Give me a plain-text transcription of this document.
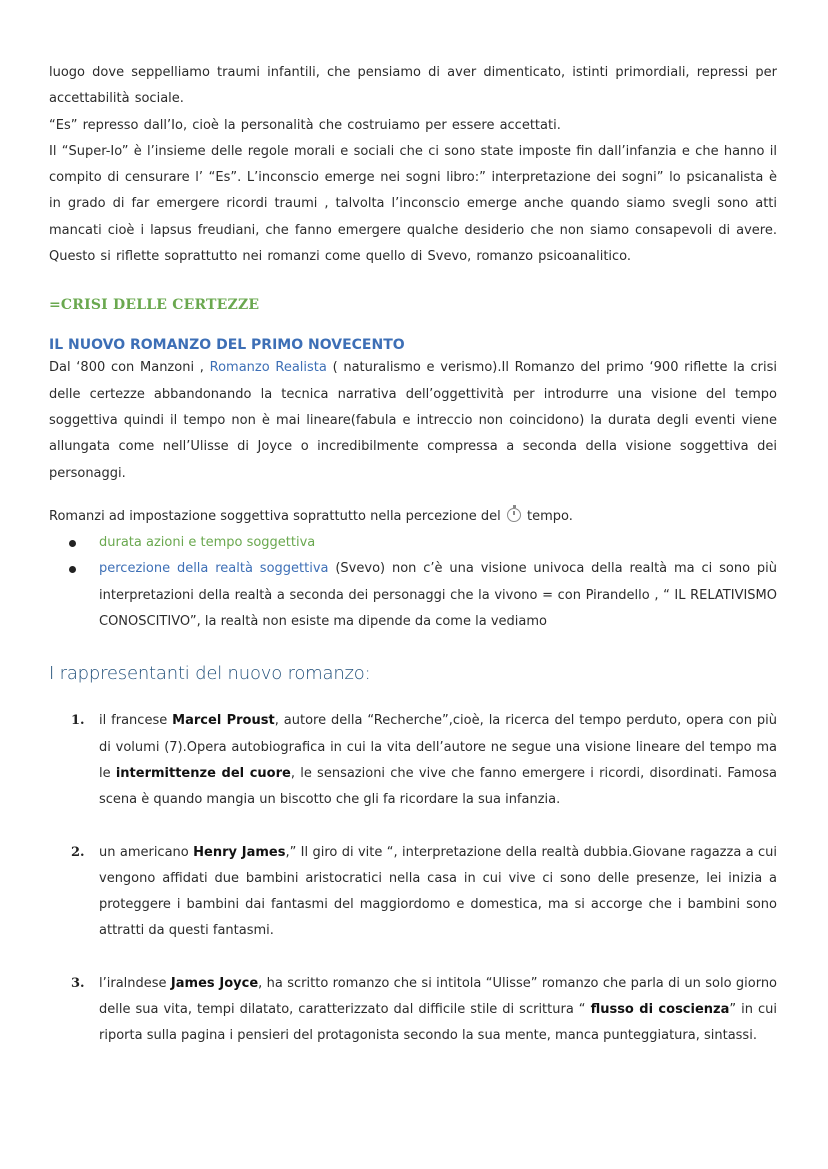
luogo dove seppelliamo traumi infantili, che pensiamo di aver dimenticato, istinti primordiali, repressi per accettabilità sociale.

“Es” represso dall’Io, cioè la personalità che costruiamo per essere accettati.

Il “Super-Io” è l’insieme delle regole morali e sociali che ci sono state imposte fin dall’infanzia e che hanno il compito di censurare l’ “Es”. L’inconscio emerge nei sogni libro:” interpretazione dei sogni” lo psicanalista è in grado di far emergere ricordi traumi , talvolta l’inconscio emerge anche quando siamo svegli sono atti mancati cioè i lapsus freudiani, che fanno emergere qualche desiderio che non siamo consapevoli di avere. Questo si riflette soprattutto nei romanzi come quello di Svevo, romanzo psicoanalitico.

=CRISI DELLE CERTEZZE
IL NUOVO ROMANZO DEL PRIMO NOVECENTO

Dal ‘800 con Manzoni , Romanzo Realista ( naturalismo e verismo).Il Romanzo del primo ‘900 riflette la crisi delle certezze abbandonando la tecnica narrativa dell’oggettività per introdurre una visione del tempo soggettiva quindi il tempo non è mai lineare(fabula e intreccio non coincidono) la durata degli eventi viene allungata come nell’Ulisse di Joyce o incredibilmente compressa a seconda della visione soggettiva dei personaggi.

Romanzi ad impostazione soggettiva soprattutto nella percezione del  tempo.

durata azioni e tempo soggettiva
percezione della realtà soggettiva (Svevo) non c’è una visione univoca della realtà ma ci sono più interpretazioni della realtà a seconda dei personaggi che la vivono = con Pirandello , “ IL RELATIVISMO CONOSCITIVO”, la realtà non esiste ma dipende da come la vediamo
I rappresentanti del nuovo romanzo:
1. il francese Marcel Proust, autore della “Recherche”,cioè, la ricerca del tempo perduto, opera con più di volumi (7).Opera autobiografica in cui la vita dell’autore ne segue una visione lineare del tempo ma le intermittenze del cuore, le sensazioni che vive che fanno emergere i ricordi, disordinati. Famosa scena è quando mangia un biscotto che gli fa ricordare la sua infanzia.
2. un americano Henry James,” Il giro di vite “, interpretazione della realtà dubbia.Giovane ragazza a cui vengono affidati due bambini aristocratici nella casa in cui vive ci sono delle presenze, lei inizia a proteggere i bambini dai fantasmi del maggiordomo e domestica, ma si accorge che i bambini sono attratti da questi fantasmi.
3. l’iralndese James Joyce, ha scritto romanzo che si intitola “Ulisse” romanzo che parla di un solo giorno delle sua vita, tempi dilatato, caratterizzato dal difficile stile di scrittura “ flusso di coscienza” in cui riporta sulla pagina i pensieri del protagonista secondo la sua mente, manca punteggiatura, sintassi.
